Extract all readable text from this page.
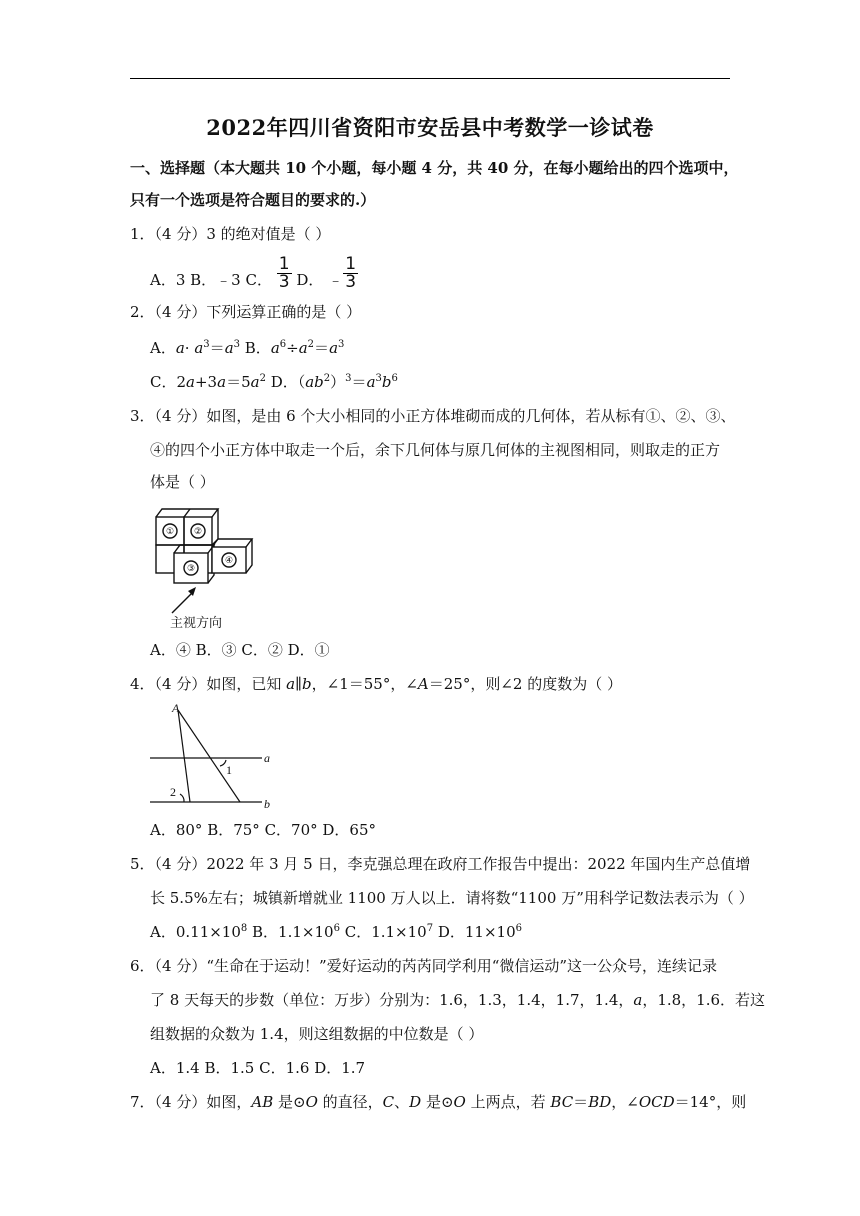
2022年四川省资阳市安岳县中考数学一诊试卷
一、选择题（本大题共 10 个小题，每小题 4 分，共 40 分，在每小题给出的四个选项中，
只有一个选项是符合题目的要求的.）
1．（4 分）3 的绝对值是（ ）
A．3 B．﹣3 C． $\frac{1}{3}$ D． ﹣ $\frac{1}{3}$
2．（4 分）下列运算正确的是（ ）
A．$a\cdot a^3=a^3$ B．$a^6\div a^2=a^3$
C．$2a+3a=5a^2$ D．$(ab^2)^3=a^3b^6$
3．（4 分）如图，是由 6 个大小相同的小正方体堆砌而成的几何体，若从标有①、②、③、
④的四个小正方体中取走一个后，余下几何体与原几何体的主视图相同，则取走的正方
体是（ ）
① ②
③
④
主视方向
A．④ B．③ C．② D．①
4．（4 分）如图，已知 a∥b，∠1＝55°，∠A＝25°，则∠2 的度数为（ ）
A
a
b
1
2
A．80° B．75° C．70° D．65°
5．（4 分）2022 年 3 月 5 日，李克强总理在政府工作报告中提出：2022 年国内生产总值增
长 5.5%左右；城镇新增就业 1100 万人以上．请将数“1100 万”用科学记数法表示为（ ）
A．$0.11\times 10^8$ B．$1.1\times 10^6$ C．$1.1\times 10^7$ D．$11\times 10^6$
6．（4 分）“生命在于运动！”爱好运动的芮芮同学利用“微信运动”这一公众号，连续记录
了 8 天每天的步数（单位：万步）分别为：1.6，1.3，1.4，1.7，1.4，a，1.8，1.6．若这
组数据的众数为 1.4，则这组数据的中位数是（ ）
A．1.4 B．1.5 C．1.6 D．1.7
7．（4 分）如图，AB 是⊙O 的直径，C、D 是⊙O 上两点，若 BC＝BD，∠OCD＝14°，则
